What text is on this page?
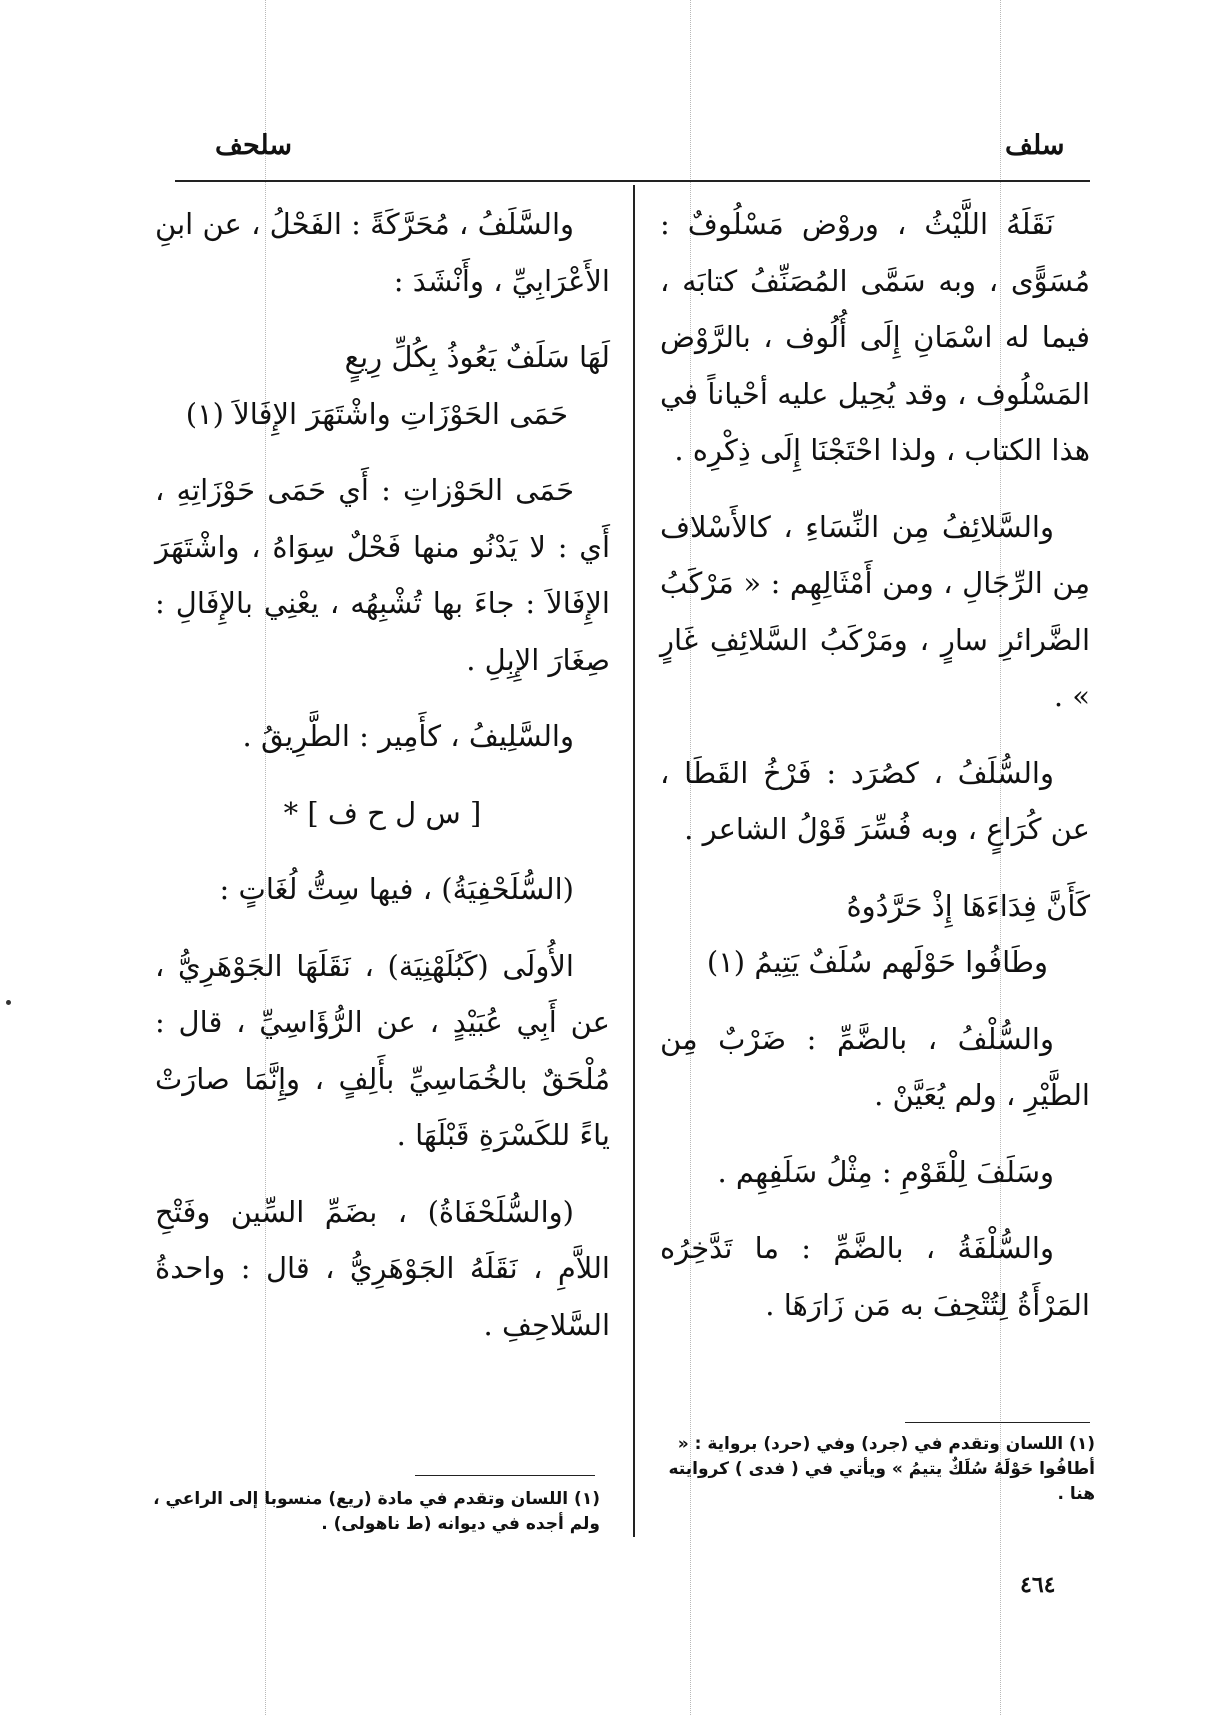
سلف
سلحف

نَقَلَهُ اللَّيْثُ ، وروْض مَسْلُوفٌ : مُسَوًّى ، وبه سَمَّى المُصَنِّفُ كتابَه ، فيما له اسْمَانِ إِلَى أُلُوف ، بالرَّوْض المَسْلُوف ، وقد يُحِيل عليه أحْياناً في هذا الكتاب ، ولذا احْتَجْنَا إِلَى ذِكْرِه .

والسَّلائِفُ مِن النِّسَاءِ ، كالأَسْلاف مِن الرِّجَالِ ، ومن أَمْثَالِهِم : « مَرْكَبُ الضَّرائرِ سارٍ ، ومَرْكَبُ السَّلائِفِ غَارٍ » .

والسُّلَفُ ، كصُرَد : فَرْخُ القَطَا ، عن كُرَاعٍ ، وبه فُسِّرَ قَوْلُ الشاعر .

كَأَنَّ فِدَاءَهَا إِذْ حَرَّدُوهُ
وطَافُوا حَوْلَهم سُلَفٌ يَتِيمُ (١)

والسُّلْفُ ، بالضَّمِّ : ضَرْبٌ مِن الطَّيْرِ ، ولم يُعَيَّنْ .

وسَلَفَ لِلْقَوْمِ : مِثْلُ سَلَفِهِم .

والسُّلْفَةُ ، بالضَّمِّ : ما تَدَّخِرُه المَرْأَةُ لِتُتْحِفَ به مَن زَارَهَا .

(١) اللسان وتقدم في (جرد) وفي (حرد) برواية : « أطافُوا حَوْلَهُ سُلَكٌ يتيمُ » ويأتي في ( فدى ) كروايته هنا .

والسَّلَفُ ، مُحَرَّكَةً : الفَحْلُ ، عن ابنِ الأَعْرَابِيِّ ، وأَنْشَدَ :

لَهَا سَلَفٌ يَعُوذُ بِكُلِّ رِيعٍ
حَمَى الحَوْزَاتِ واشْتَهَرَ الإِفَالاَ (١)

حَمَى الحَوْزاتِ : أَي حَمَى حَوْزَاتِهِ ، أَي : لا يَدْنُو منها فَحْلٌ سِوَاهُ ، واشْتَهَرَ الإِفَالاَ : جاءَ بها تُشْبِهُه ، يعْنِي بالإِفَالِ : صِغَارَ الإِبِلِ .

والسَّلِيفُ ، كأَمِير : الطَّرِيقُ .

[ س ل ح ف ] *

(السُّلَحْفِيَةُ) ، فيها سِتُّ لُغَاتٍ :

الأُولَى (كَبُلَهْنِيَة) ، نَقَلَهَا الجَوْهَرِيُّ ، عن أَبِي عُبَيْدٍ ، عن الرُّؤَاسِيِّ ، قال : مُلْحَقٌ بالخُمَاسِيِّ بأَلِفٍ ، وإِنَّمَا صارَتْ ياءً للكَسْرَةِ قَبْلَهَا .

(والسُّلَحْفَاةُ) ، بضَمِّ السِّين وفَتْحِ اللاَّمِ ، نَقَلَهُ الجَوْهَرِيُّ ، قال : واحدةُ السَّلاحِفِ .

(١) اللسان وتقدم في مادة (ريع) منسوبا إلى الراعي ، ولم أجده في ديوانه (ط ناهولى) .
٤٦٤
